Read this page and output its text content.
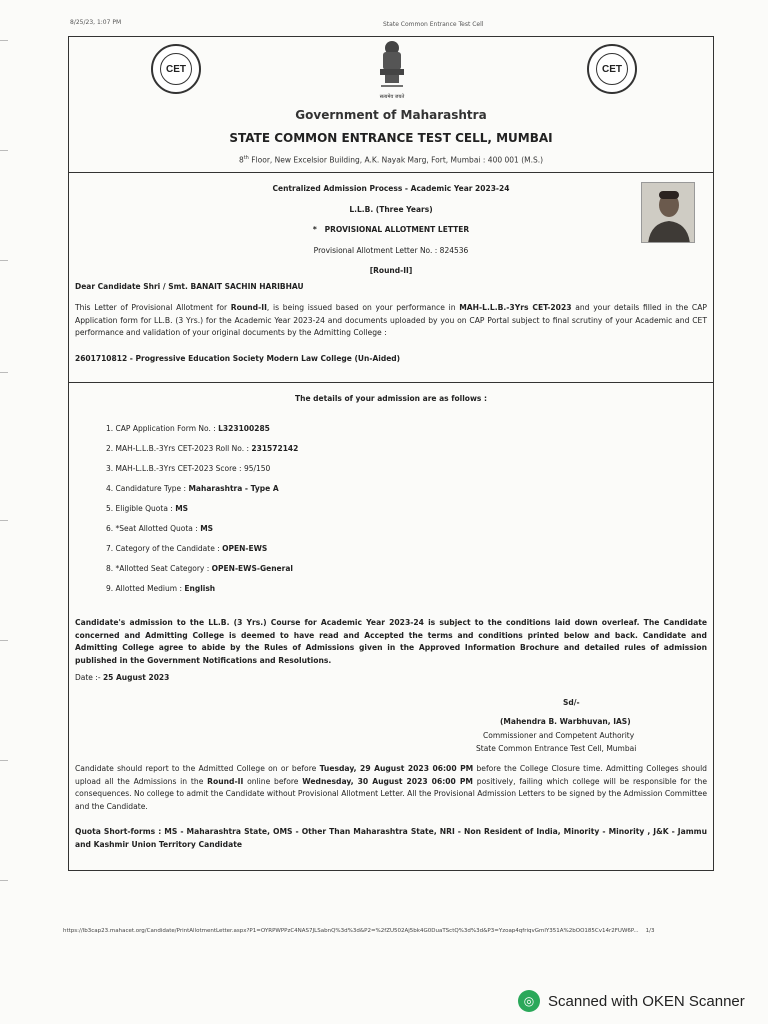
8/25/23, 1:07 PM	State Common Entrance Test Cell
CET	CET
सत्यमेव जयते
Government of Maharashtra
STATE COMMON ENTRANCE TEST CELL, MUMBAI
8th Floor, New Excelsior Building, A.K. Nayak Marg, Fort, Mumbai : 400 001 (M.S.)
Centralized Admission Process - Academic Year 2023-24
L.L.B. (Three Years)
* PROVISIONAL ALLOTMENT LETTER
Provisional Allotment Letter No. : 824536
[Round-II]
Dear Candidate Shri / Smt. BANAIT SACHIN HARIBHAU
This Letter of Provisional Allotment for Round-II, is being issued based on your performance in MAH-L.L.B.-3Yrs CET-2023 and your details filled in the CAP Application form for LL.B. (3 Yrs.) for the Academic Year 2023-24 and documents uploaded by you on CAP Portal subject to final scrutiny of your Academic and CET performance and validation of your original documents by the Admitting College :
2601710812 - Progressive Education Society Modern Law College (Un-Aided)
The details of your admission are as follows :
1. CAP Application Form No. : L323100285
2. MAH-L.L.B.-3Yrs CET-2023 Roll No. : 231572142
3. MAH-L.L.B.-3Yrs CET-2023 Score : 95/150
4. Candidature Type : Maharashtra - Type A
5. Eligible Quota : MS
6. *Seat Allotted Quota : MS
7. Category of the Candidate : OPEN-EWS
8. *Allotted Seat Category : OPEN-EWS-General
9. Allotted Medium : English
Candidate's admission to the LL.B. (3 Yrs.) Course for Academic Year 2023-24 is subject to the conditions laid down overleaf. The Candidate concerned and Admitting College is deemed to have read and Accepted the terms and conditions printed below and back. Candidate and Admitting College agree to abide by the Rules of Admissions given in the Approved Information Brochure and detailed rules of admission published in the Government Notifications and Resolutions.
Date :- 25 August 2023
Sd/-
(Mahendra B. Warbhuvan, IAS)
Commissioner and Competent Authority
State Common Entrance Test Cell, Mumbai
Candidate should report to the Admitted College on or before Tuesday, 29 August 2023 06:00 PM before the College Closure time. Admitting Colleges should upload all the Admissions in the Round-II online before Wednesday, 30 August 2023 06:00 PM positively, failing which college will be responsible for the consequences. No college to admit the Candidate without Provisional Allotment Letter. All the Provisional Admission Letters to be signed by the Admission Committee and the Candidate.
Quota Short-forms : MS - Maharashtra State, OMS - Other Than Maharashtra State, NRI - Non Resident of India, Minority - Minority , J&K - Jammu and Kashmir Union Territory Candidate
https://lb3cap23.mahacet.org/Candidate/PrintAllotmentLetter.aspx?P1=OYRPWPPzC4NAS7JLSabnQ%3d%3d&P2=%2fZU502Aj5bk4G0DuaTSctQ%3d%3d&P3=Yzoap4qfriqvGmlY351A%2bOO185Cv14r2FUW6P... 1/3
◎ Scanned with OKEN Scanner
